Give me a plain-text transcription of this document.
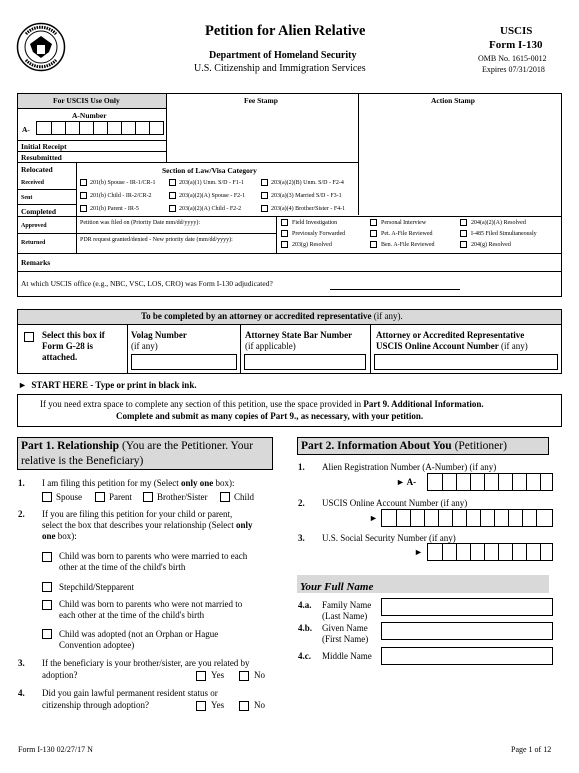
Petition for Alien Relative
Department of Homeland Security
U.S. Citizenship and Immigration Services
USCIS
Form I-130
OMB No. 1615-0012
Expires 07/31/2018
For USCIS Use Only	Fee Stamp	Action Stamp
A-Number
A-
Initial Receipt
Resubmitted
Relocated
Received
Sent
Completed
Section of Law/Visa Category
201(b) Spouse - IR-1/CR-1	203(a)(1) Unm. S/D - F1-1	203(a)(2)(B) Unm. S/D - F2-4
201(b) Child - IR-2/CR-2	203(a)(2)(A) Spouse - F2-1	203(a)(3) Married S/D - F3-1
201(b) Parent - IR-5	203(a)(2)(A) Child - F2-2	203(a)(4) Brother/Sister - F4-1
Approved	Petition was filed on (Priority Date mm/dd/yyyy):
Returned	PDR request granted/denied - New priority date (mm/dd/yyyy):
Field Investigation	Personal Interview	204(a)(2)(A) Resolved
Previously Forwarded	Pet. A-File Reviewed	I-485 Filed Simultaneously
203(g) Resolved	Ben. A-File Reviewed	204(g) Resolved
Remarks
At which USCIS office (e.g., NBC, VSC, LOS, CRO) was Form I-130 adjudicated?
To be completed by an attorney or accredited representative (if any).
Select this box if
Form G-28 is
attached.
Volag Number
(if any)
Attorney State Bar Number
(if applicable)
Attorney or Accredited Representative
USCIS Online Account Number (if any)
► START HERE - Type or print in black ink.
If you need extra space to complete any section of this petition, use the space provided in Part 9. Additional Information.
Complete and submit as many copies of Part 9., as necessary, with your petition.
Part 1. Relationship (You are the Petitioner. Your relative is the Beneficiary)
1. I am filing this petition for my (Select only one box):
Spouse	Parent	Brother/Sister	Child
2. If you are filing this petition for your child or parent,
select the box that describes your relationship (Select only
one box):
Child was born to parents who were married to each
other at the time of the child's birth
Stepchild/Stepparent
Child was born to parents who were not married to
each other at the time of the child's birth
Child was adopted (not an Orphan or Hague
Convention adoptee)
3. If the beneficiary is your brother/sister, are you related by
adoption?	Yes	No
4. Did you gain lawful permanent resident status or
citizenship through adoption?	Yes	No
Part 2. Information About You (Petitioner)
1. Alien Registration Number (A-Number) (if any)
► A-
2. USCIS Online Account Number (if any)
►
3. U.S. Social Security Number (if any)
►
Your Full Name
4.a. Family Name
(Last Name)
4.b. Given Name
(First Name)
4.c. Middle Name
Form I-130 02/27/17 N	Page 1 of 12
